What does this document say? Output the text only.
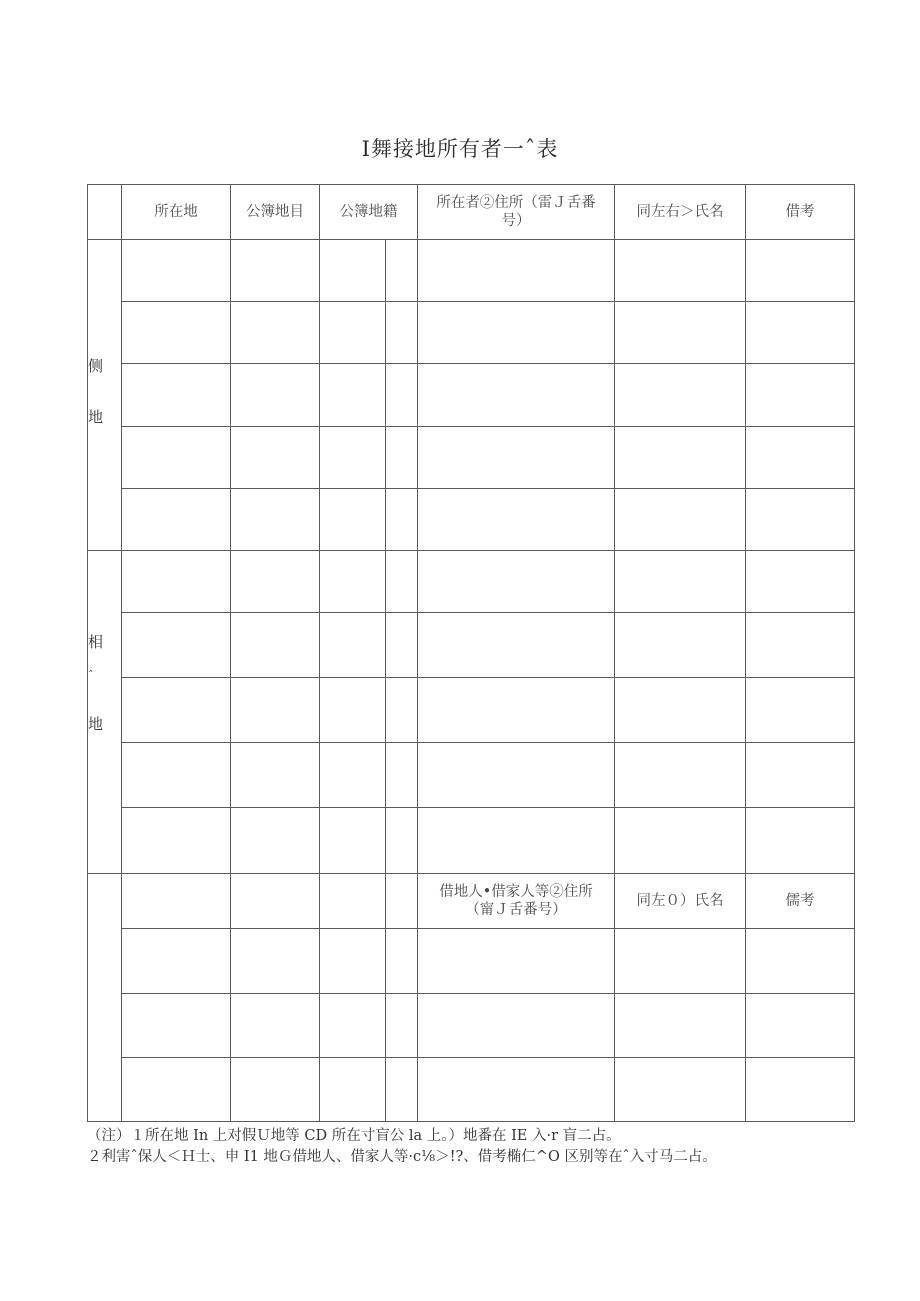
Ⅰ舞接地所有者一ˆ表
	所在地	公簿地目	公簿地籍		所在者②住所（雷Ｊ舌番
号）	同左右＞氏名	借考

侧
地							

相
ˆ
地							

					借地人•借家人等②住所
（甯Ｊ舌番号）	同左０）氏名	儒考

（注）１所在地 In 上对假Ｕ地等 CD 所在寸盲公 la 上。）地番在 IE 入·r 盲二占。
２利害ˆ保人＜Ｈ士、申 I1 地Ｇ借地人、借家人等·c⅛＞!?、借考椭仁^O 区别等在ˆ入寸马二占。
